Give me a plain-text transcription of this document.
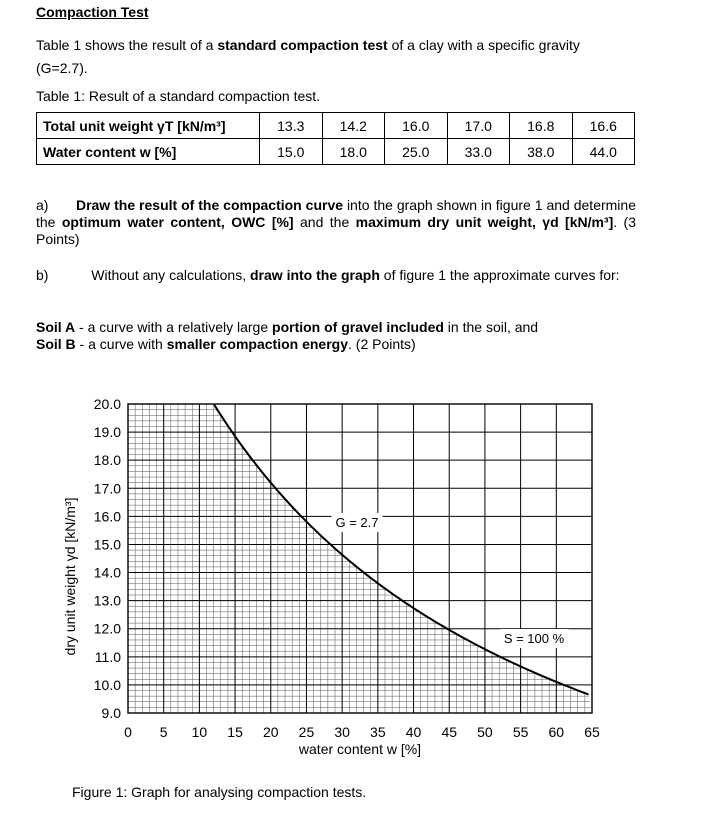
Compaction Test
Table 1 shows the result of a standard compaction test of a clay with a specific gravity (G=2.7).
Table 1: Result of a standard compaction test.
Total unit weight γT [kN/m³]	13.3	14.2	16.0	17.0	16.8	16.6
Water content w [%]	15.0	18.0	25.0	33.0	38.0	44.0
a) Draw the result of the compaction curve into the graph shown in figure 1 and determine the optimum water content, OWC [%] and the maximum dry unit weight, γd [kN/m³]. (3 Points)
b)	Without any calculations, draw into the graph of figure 1 the approximate curves for:
Soil A - a curve with a relatively large portion of gravel included in the soil, and
Soil B - a curve with smaller compaction energy. (2 Points)
G = 2.7
S = 100 %
9.0
10.0
11.0
12.0
13.0
14.0
15.0
16.0
17.0
18.0
19.0
20.0
0 5 10 15 20 25 30 35 40 45 50 55 60 65
water content w [%]
dry unit weight γd [kN/m³]
Figure 1: Graph for analysing compaction tests.
